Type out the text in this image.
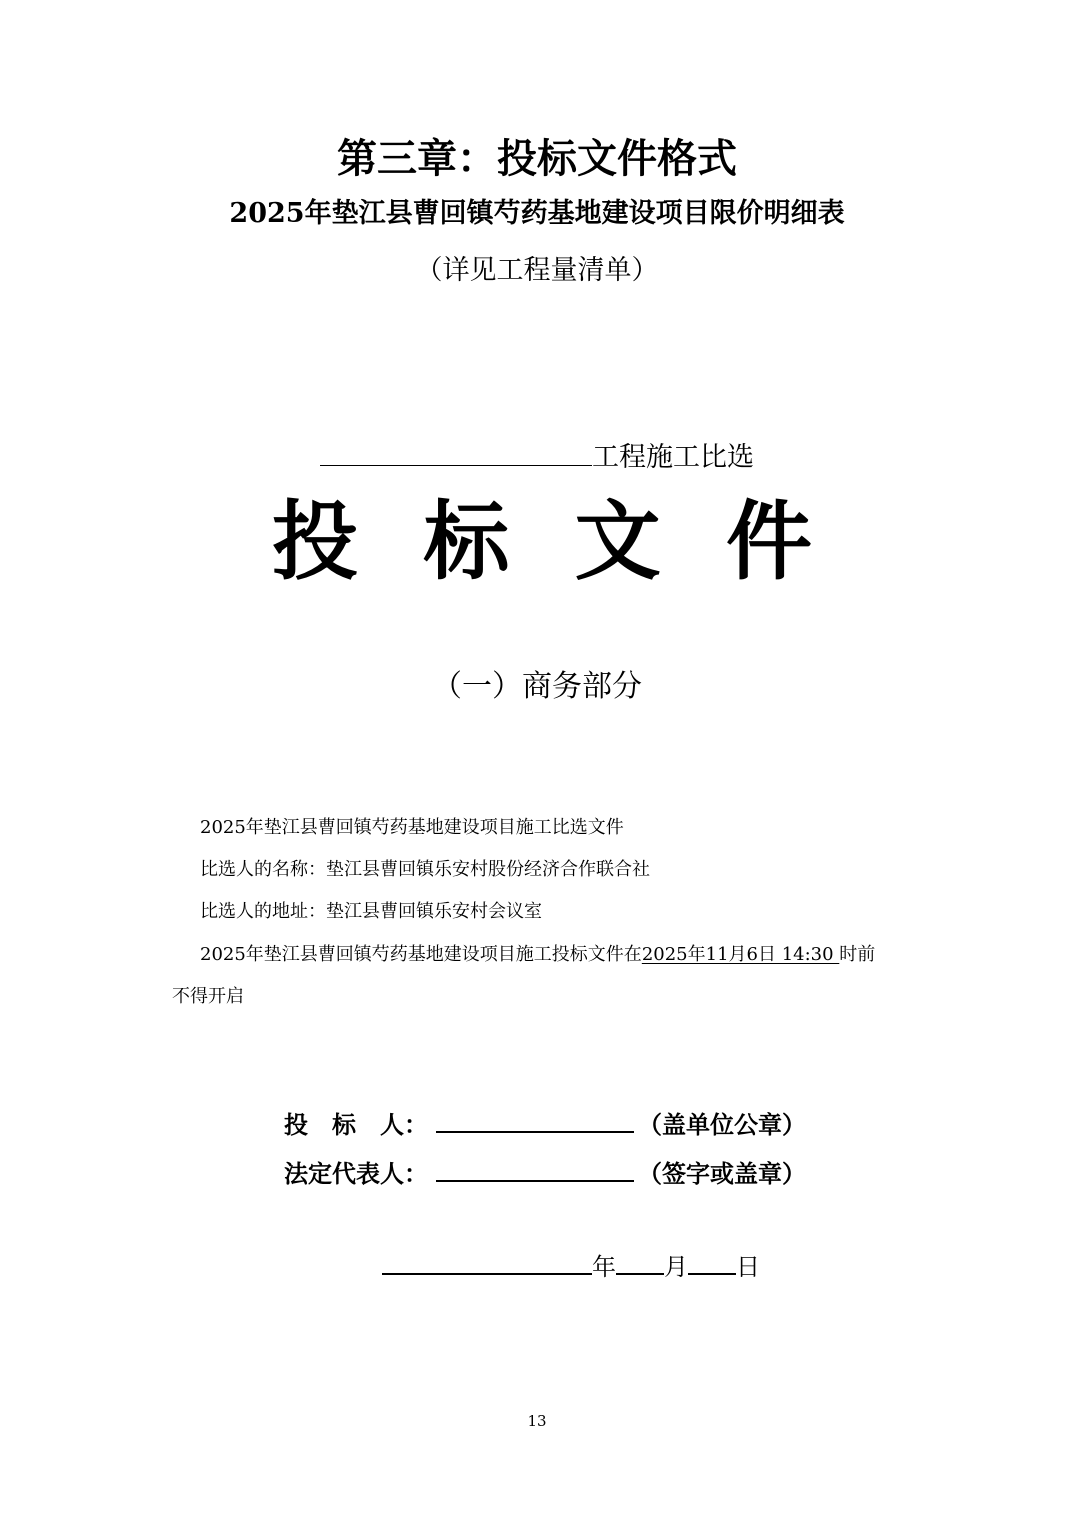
第三章：投标文件格式
2025年垫江县曹回镇芍药基地建设项目限价明细表
（详见工程量清单）
工程施工比选
投 标 文 件
（一）商务部分
2025年垫江县曹回镇芍药基地建设项目施工比选文件
比选人的名称：垫江县曹回镇乐安村股份经济合作联合社
比选人的地址：垫江县曹回镇乐安村会议室
2025年垫江县曹回镇芍药基地建设项目施工投标文件在2025年11月6日 14:30 时前
不得开启
投　标　人：	（盖单位公章）
法定代表人：	（签字或盖章）
年 月 日
13
